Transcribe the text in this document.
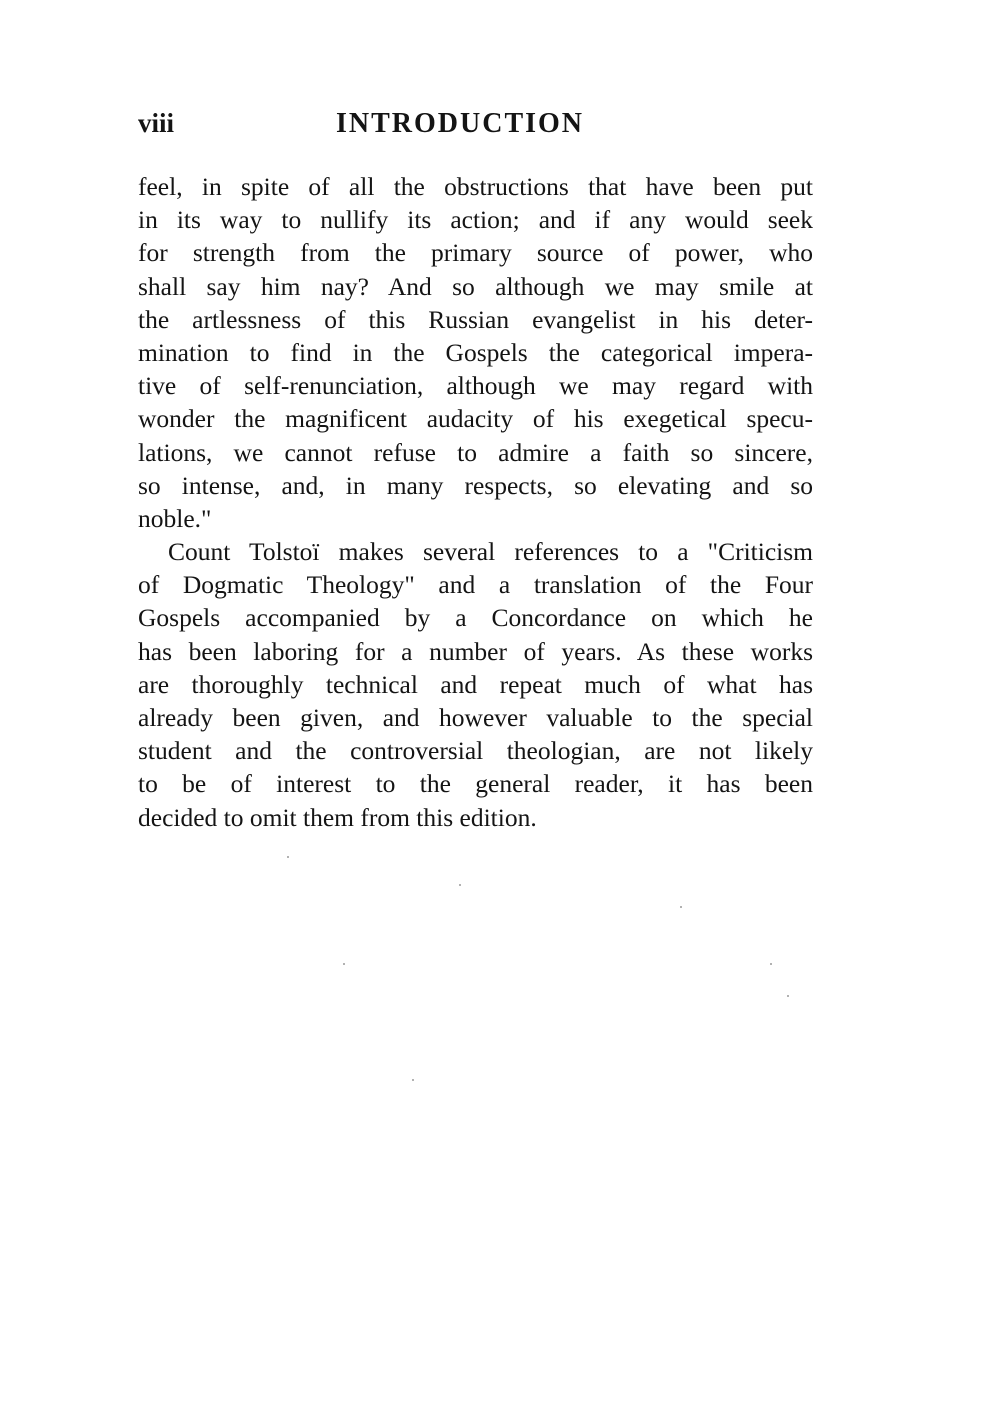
viii	INTRODUCTION
feel, in spite of all the obstructions that have been put
in its way to nullify its action; and if any would seek
for strength from the primary source of power, who
shall say him nay? And so although we may smile at
the artlessness of this Russian evangelist in his deter-
mination to find in the Gospels the categorical impera-
tive of self-renunciation, although we may regard with
wonder the magnificent audacity of his exegetical specu-
lations, we cannot refuse to admire a faith so sincere,
so intense, and, in many respects, so elevating and so
noble."
Count Tolstoï makes several references to a "Criticism
of Dogmatic Theology" and a translation of the Four
Gospels accompanied by a Concordance on which he
has been laboring for a number of years. As these works
are thoroughly technical and repeat much of what has
already been given, and however valuable to the special
student and the controversial theologian, are not likely
to be of interest to the general reader, it has been
decided to omit them from this edition.
